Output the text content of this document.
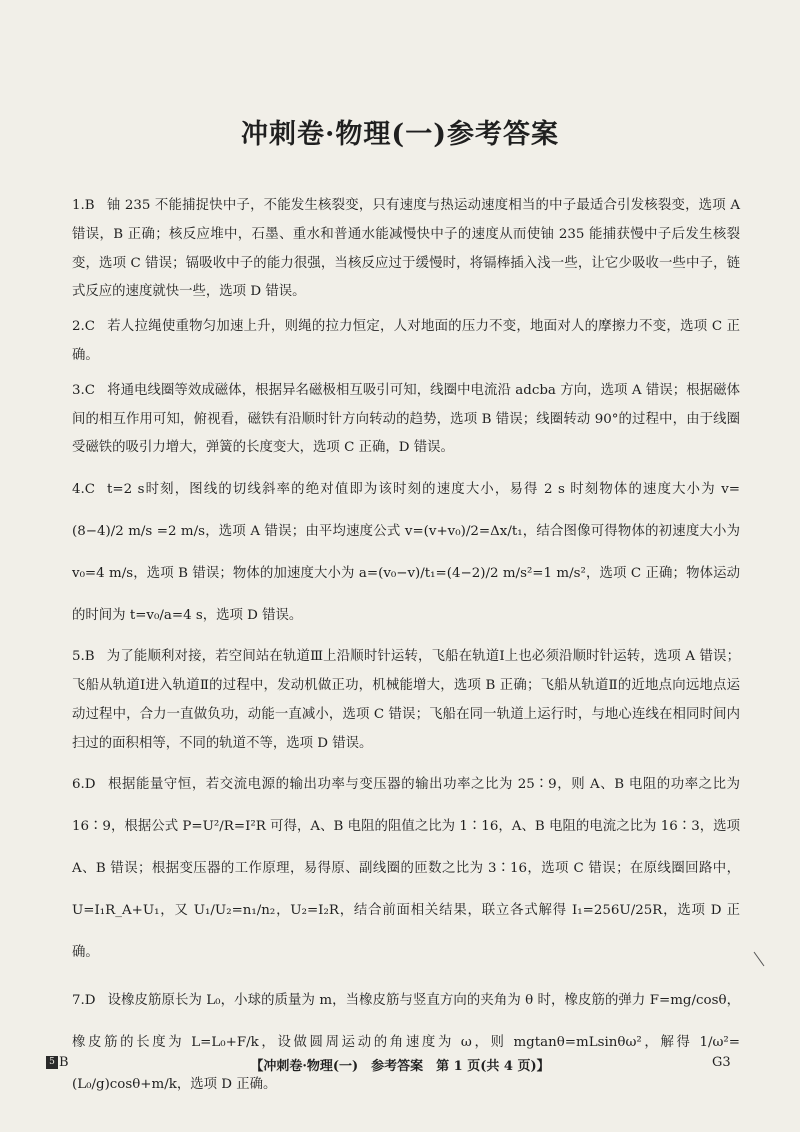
冲刺卷·物理(一)参考答案

1.B 铀 235 不能捕捉快中子，不能发生核裂变，只有速度与热运动速度相当的中子最适合引发核裂变，选项 A 错误，B 正确；核反应堆中，石墨、重水和普通水能减慢快中子的速度从而使铀 235 能捕获慢中子后发生核裂变，选项 C 错误；镉吸收中子的能力很强，当核反应过于缓慢时，将镉棒插入浅一些，让它少吸收一些中子，链式反应的速度就快一些，选项 D 错误。

2.C 若人拉绳使重物匀加速上升，则绳的拉力恒定，人对地面的压力不变，地面对人的摩擦力不变，选项 C 正确。

3.C 将通电线圈等效成磁体，根据异名磁极相互吸引可知，线圈中电流沿 adcba 方向，选项 A 错误；根据磁体间的相互作用可知，俯视看，磁铁有沿顺时针方向转动的趋势，选项 B 错误；线圈转动 90°的过程中，由于线圈受磁铁的吸引力增大，弹簧的长度变大，选项 C 正确，D 错误。

4.C t=2 s时刻，图线的切线斜率的绝对值即为该时刻的速度大小，易得 2 s 时刻物体的速度大小为 v=(8−4)/2 m/s =2 m/s，选项 A 错误；由平均速度公式 v=(v+v₀)/2=Δx/t₁，结合图像可得物体的初速度大小为 v₀=4 m/s，选项 B 错误；物体的加速度大小为 a=(v₀−v)/t₁=(4−2)/2 m/s²=1 m/s²，选项 C 正确；物体运动的时间为 t=v₀/a=4 s，选项 D 错误。

5.B 为了能顺利对接，若空间站在轨道Ⅲ上沿顺时针运转，飞船在轨道Ⅰ上也必须沿顺时针运转，选项 A 错误；飞船从轨道Ⅰ进入轨道Ⅱ的过程中，发动机做正功，机械能增大，选项 B 正确；飞船从轨道Ⅱ的近地点向远地点运动过程中，合力一直做负功，动能一直减小，选项 C 错误；飞船在同一轨道上运行时，与地心连线在相同时间内扫过的面积相等，不同的轨道不等，选项 D 错误。

6.D 根据能量守恒，若交流电源的输出功率与变压器的输出功率之比为 25∶9，则 A、B 电阻的功率之比为 16∶9，根据公式 P=U²/R=I²R 可得，A、B 电阻的阻值之比为 1∶16，A、B 电阻的电流之比为 16∶3，选项 A、B 错误；根据变压器的工作原理，易得原、副线圈的匝数之比为 3∶16，选项 C 错误；在原线圈回路中，U=I₁R_A+U₁，又 U₁/U₂=n₁/n₂，U₂=I₂R，结合前面相关结果，联立各式解得 I₁=256U/25R，选项 D 正确。

7.D 设橡皮筋原长为 L₀，小球的质量为 m，当橡皮筋与竖直方向的夹角为 θ 时，橡皮筋的弹力 F=mg/cosθ，橡皮筋的长度为 L=L₀+F/k，设做圆周运动的角速度为 ω，则 mgtanθ=mLsinθω²，解得 1/ω²=(L₀/g)cosθ+m/k，选项 D 正确。

5 B	【冲刺卷·物理(一)　参考答案　第 1 页(共 4 页)】	G3
